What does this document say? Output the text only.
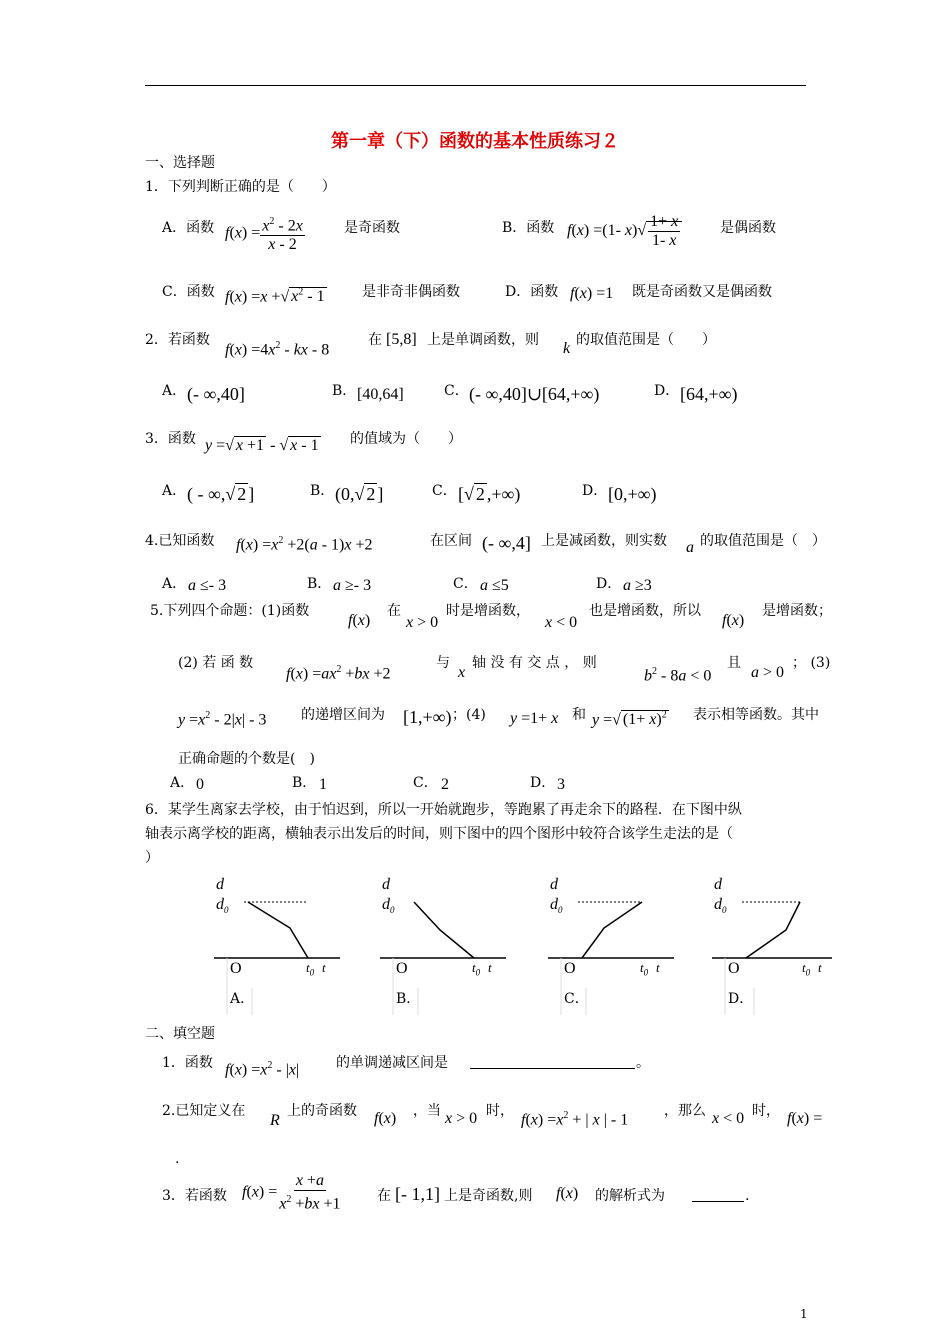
第一章（下）函数的基本性质练习２
一、选择题
1．下列判断正确的是（　　）
A．函数 $f(x) = \frac{x^2 - 2x}{x - 2}$	是奇函数	B．函数 f(x) =(1- $x)√ \frac{1+ x}{1- x}$	是偶函数
C．函数 f(x) =x +√ $x^2 - 1$	是非奇非偶函数	D．函数 f(x) =1 既是奇函数又是偶函数
2．若函数
$f(x) =4x^2$ - kx - 8
在 [5,8] 上是单调函数，则 k 的取值范围是（　　）
A． (- ∞,40]	B． [40,64]	C． (- ∞,40]∪[64,+∞)	D． [64,+∞)
3．函数 y =√ x +1 - √ x - 1 的值域为（　　）
A． ( - ∞,√ 2 ]	B． (0,√ 2 ]	C． [√ 2 ,+∞)	D． [0,+∞)
4.已知函数 $f(x) =x^2 +2(a - 1)x +2$	在区间 (- ∞,4] 上是减函数，则实数 a 的取值范围是（　）
A． a ≤- 3	B． a ≥- 3	C． a ≤5	D． a ≥3
5.下列四个命题：(1)函数
f(x)
在
x > 0
时是增函数，
x < 0
也是增函数，所以
f(x)
是增函数；
(2) 若 函 数
$f(x) =ax^2 +bx +2$
与
x
轴 没 有 交 点 ， 则
$b^2 - 8a < 0$
且
a > 0
； (3)
$y =x^2 - 2|x| - 3$ 的递增区间为 [1,+∞) ；(4) y =1+ x 和 y =√ $(1+ x)^2$ 表示相等函数。其中
正确命题的个数是(　)
A． 0	B． 1	C． 2	D． 3
6．某学生离家去学校，由于怕迟到，所以一开始就跑步，等跑累了再走余下的路程．在下图中纵
轴表示离学校的距离，横轴表示出发后的时间，则下图中的四个图形中较符合该学生走法的是（
）
d
$d_0$
O	$t_0$ t
A．
d
$d_0$
O	$t_0$ t
B．
d
$d_0$
O	$t_0$ t
C．
d
$d_0$
O	$t_0$ t
D．
二、填空题
1．函数 $f(x) =x^2 - |x|$	的单调递减区间是	。
2.已知定义在
R
上的奇函数 f(x) ，当 x > 0 时，
$f(x) =x^2$ + | x | - 1
，那么 x < 0 时， f(x) =
.
3．若函数 $f(x) = \frac{x +a}{x^2 +bx +1}$ 在 [- 1,1] 上是奇函数,则 f(x) 的解析式为	.
1
